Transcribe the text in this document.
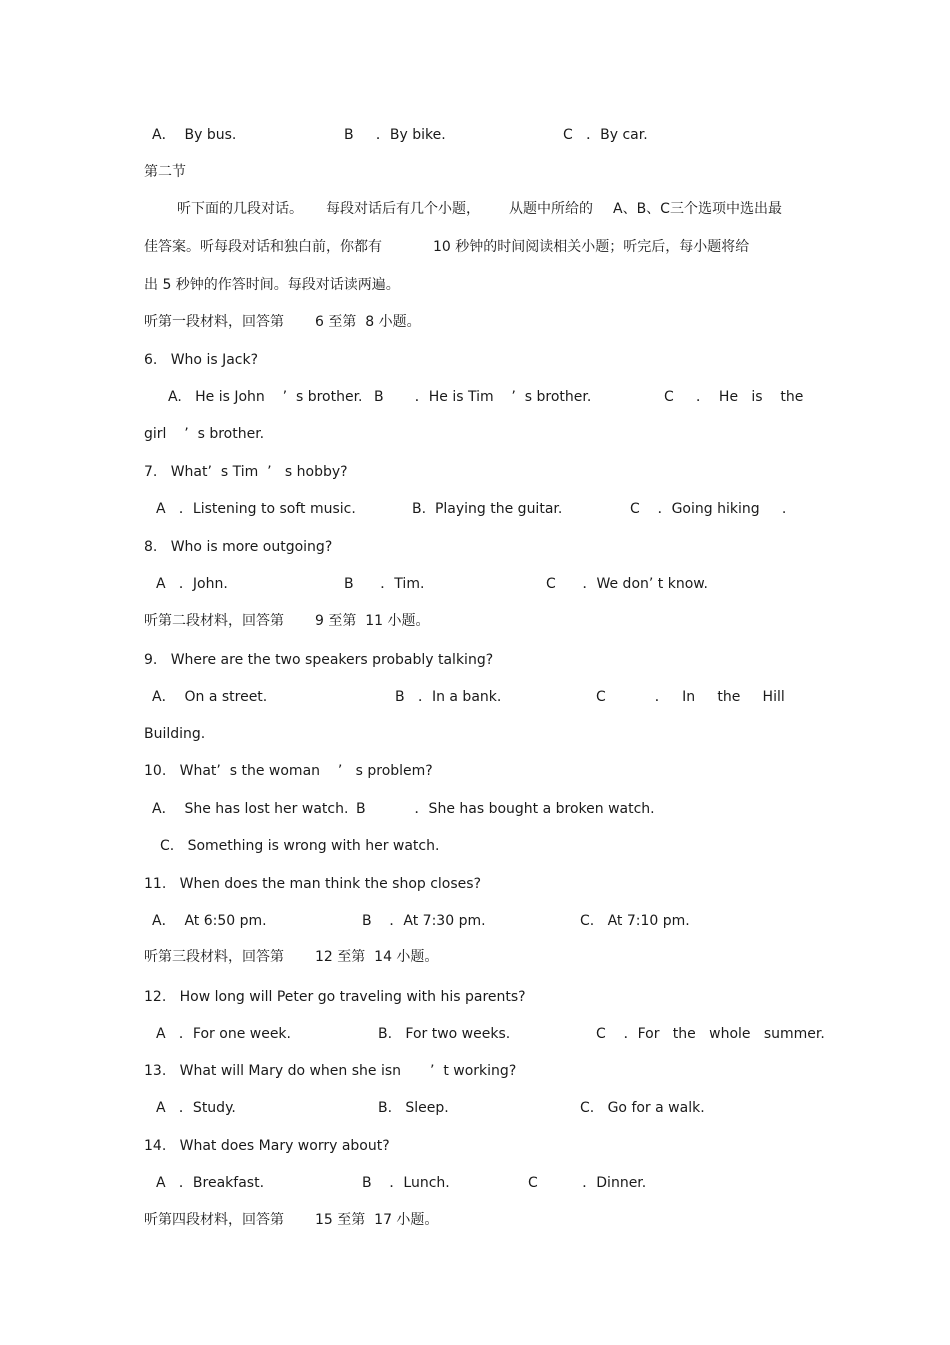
A．  By bus.	B     ．By bike.	C   ．By car.
第二节
听下面的几段对话。 每段对话后有几个小题， 从题中所给的 A、B、C三个选项中选出最
佳答案。听每段对话和独白前，你都有	10 秒钟的时间阅读相关小题；听完后，每小题将给
出 5 秒钟的作答时间。每段对话读两遍。
听第一段材料，回答第 6 至第  8 小题。
6.   Who is Jack?
A.   He is John    ’  s brother. B       ．He is Tim    ’  s brother.	C     ．  He   is    the
girl    ’  s brother.
7.   What’  s Tim  ’   s hobby?
A   ．Listening to soft music.	B.  Playing the guitar.	C    ．Going hiking     .
8.   Who is more outgoing?
A   ．John.	B      ．Tim.	C      ．We don’ t know.
听第二段材料，回答第 9 至第  11 小题。
9.   Where are the two speakers probably talking?
A．  On a street.	B   ．In a bank.	C           ．   In     the     Hill
Building.
10.   What’  s the woman    ’   s problem?
A．  She has lost her watch. B           ．She has bought a broken watch.
C.   Something is wrong with her watch.
11.   When does the man think the shop closes?
A．  At 6:50 pm.	B    ．At 7:30 pm.	C.   At 7:10 pm.
听第三段材料，回答第 12 至第  14 小题。
12.   How long will Peter go traveling with his parents?
A   ．For one week.	B.   For two weeks.	C    ．For   the   whole   summer.
13.   What will Mary do when she isn ’  t working?
A   ．Study.	B.   Sleep.	C.   Go for a walk.
14.   What does Mary worry about?
A   ．Breakfast.	B    ．Lunch.	C          ．Dinner.
听第四段材料，回答第 15 至第  17 小题。
